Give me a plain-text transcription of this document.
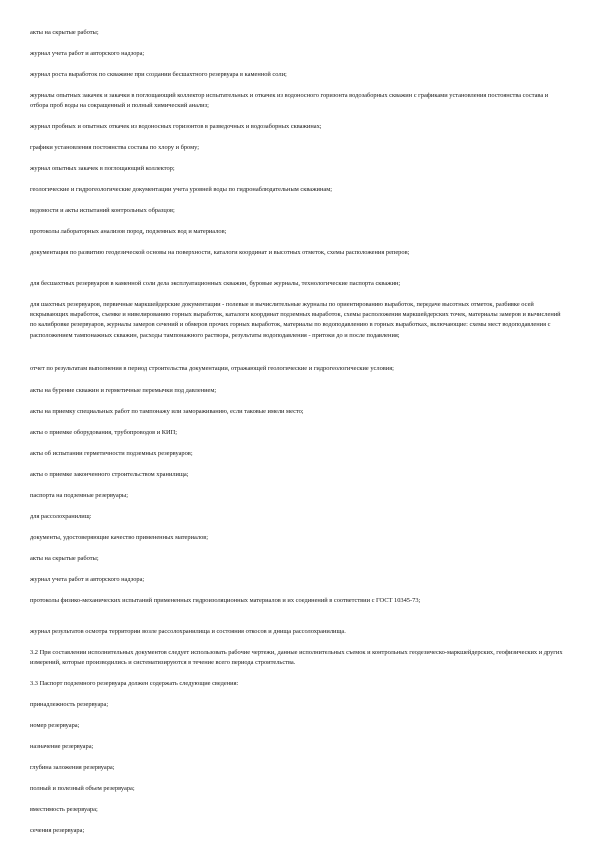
акты на скрытые работы;
журнал учета работ и авторского надзора;
журнал роста выработок по скважине при создании бесшахтного резервуара в каменной соли;
журналы опытных закачек и закачки в поглощающий коллектор испытательных и откачек из водоносного горизонта водозаборных скважин с графиками установления постоянства состава и отбора проб воды на сокращенный и полный химический анализ;
журнал пробных и опытных откачек из водоносных горизонтов в разведочных и водозаборных скважинах;
графики установления постоянства состава по хлору и брому;
журнал опытных закачек в поглощающий коллектор;
геологические и гидрогеологические документации учета уровней воды по гидронаблюдательным скважинам;
ведомости и акты испытаний контрольных образцов;
протоколы лабораторных анализов пород, подземных вод и материалов;
документация по развитию геодезической основы на поверхности, каталоги координат и высотных отметок, схемы расположения реперов;
для бесшахтных резервуаров в каменной соли дела эксплуатационных скважин, буровые журналы, технологические паспорта скважин;
для шахтных резервуаров, первичные маркшейдерские документации - полевые и вычислительные журналы по ориентированию выработок, передаче высотных отметок, разбивке осей вскрывающих выработок, съемке и нивелированию горных выработок, каталоги координат подземных выработок, схемы расположения маркшейдерских точек, материалы замеров и вычислений по калибровке резервуаров, журналы замеров сечений и обмеров прочих горных выработок, материалы по водоподавлению в горных выработках, включающие: схемы мест водоподавления с расположением тампонажных скважин, расходы тампонажного раствора, результаты водоподавления - притоки до и после подавления;
отчет по результатам выполнения в период строительства документации, отражающей геологические и гидрогеологические условия;
акты на бурение скважин и герметичные перемычки под давлением;
акты на приемку специальных работ по тампонажу или замораживанию, если таковые имели место;
акты о приемке оборудования, трубопроводов и КИП;
акты об испытании герметичности подземных резервуаров;
акты о приемке законченного строительством хранилища;
паспорта на подземные резервуары;
для рассолохранилищ:
документы, удостоверяющие качество примененных материалов;
акты на скрытые работы;
журнал учета работ и авторского надзора;
протоколы физико-механических испытаний примененных гидроизоляционных материалов и их соединений в соответствии с ГОСТ 10345-73;
журнал результатов осмотра территории возле рассолохранилища и состояния откосов и днища рассолохранилища.
3.2 При составлении исполнительных документов следует использовать рабочие чертежи, данные исполнительных съемок и контрольных геодезическо-маркшейдерских, геофизических и других измерений, которые производились и систематизируются в течение всего периода строительства.
3.3 Паспорт подземного резервуара должен содержать следующие сведения:
принадлежность резервуара;
номер резервуара;
назначение резервуара;
глубина заложения резервуара;
полный и полезный объем резервуара;
вместимость резервуара;
сечения резервуара;
